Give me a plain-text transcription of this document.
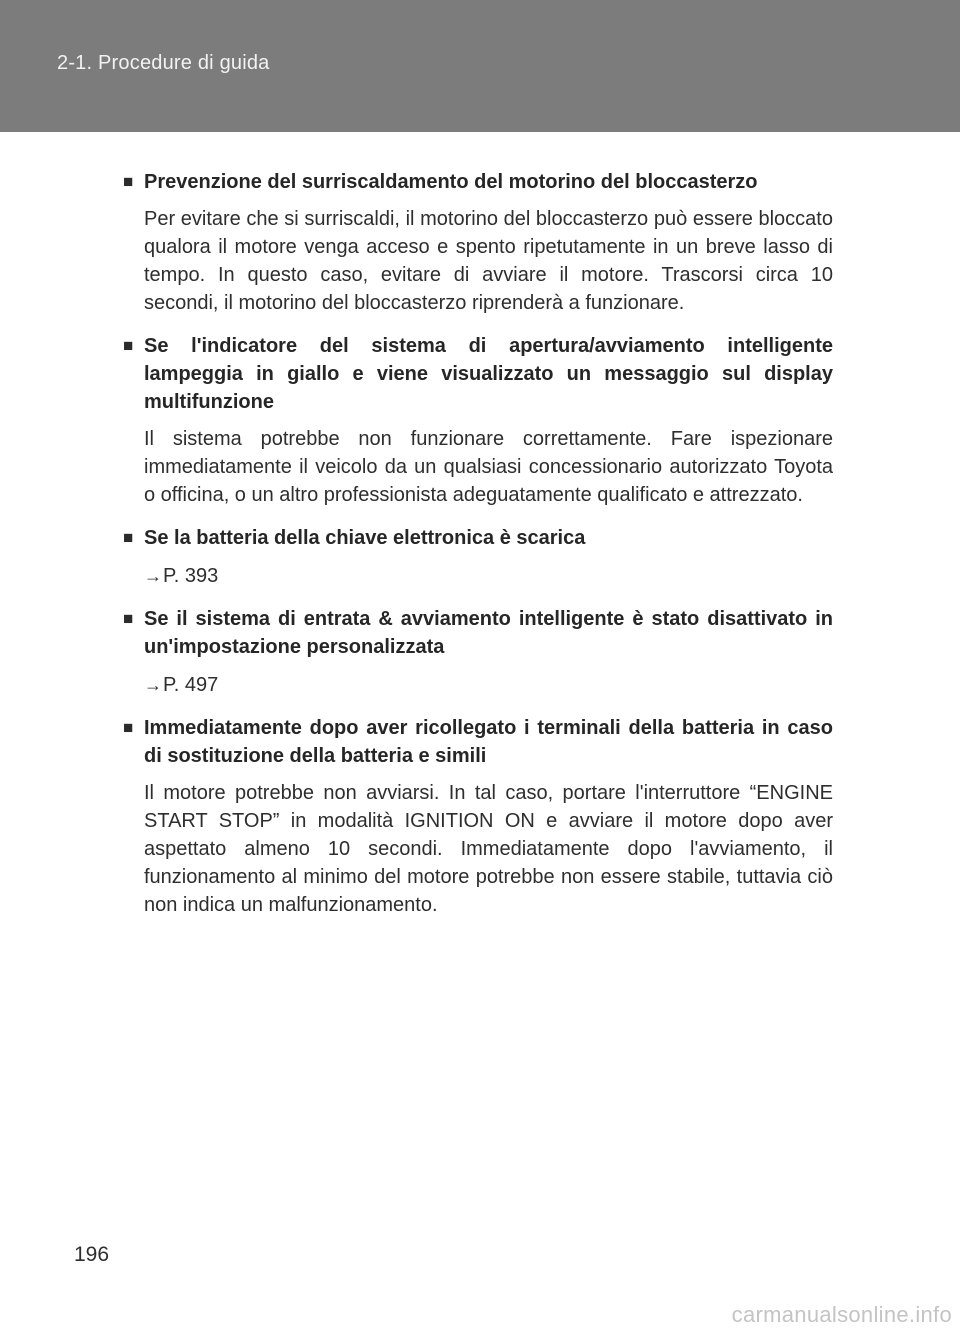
2-1. Procedure di guida
■ Prevenzione del surriscaldamento del motorino del bloccasterzo
Per evitare che si surriscaldi, il motorino del bloccasterzo può essere bloccato qualora il motore venga acceso e spento ripetutamente in un breve lasso di tempo. In questo caso, evitare di avviare il motore. Trascorsi circa 10 secondi, il motorino del bloccasterzo riprenderà a funzionare.
■ Se l'indicatore del sistema di apertura/avviamento intelligente lampeggia in giallo e viene visualizzato un messaggio sul display multifunzione
Il sistema potrebbe non funzionare correttamente. Fare ispezionare immediatamente il veicolo da un qualsiasi concessionario autorizzato Toyota o officina, o un altro professionista adeguatamente qualificato e attrezzato.
■ Se la batteria della chiave elettronica è scarica
→P. 393
■ Se il sistema di entrata & avviamento intelligente è stato disattivato in un'impostazione personalizzata
→P. 497
■ Immediatamente dopo aver ricollegato i terminali della batteria in caso di sostituzione della batteria e simili
Il motore potrebbe non avviarsi. In tal caso, portare l'interruttore “ENGINE START STOP” in modalità IGNITION ON e avviare il motore dopo aver aspettato almeno 10 secondi. Immediatamente dopo l'avviamento, il funzionamento al minimo del motore potrebbe non essere stabile, tuttavia ciò non indica un malfunzionamento.
196
carmanualsonline.info
